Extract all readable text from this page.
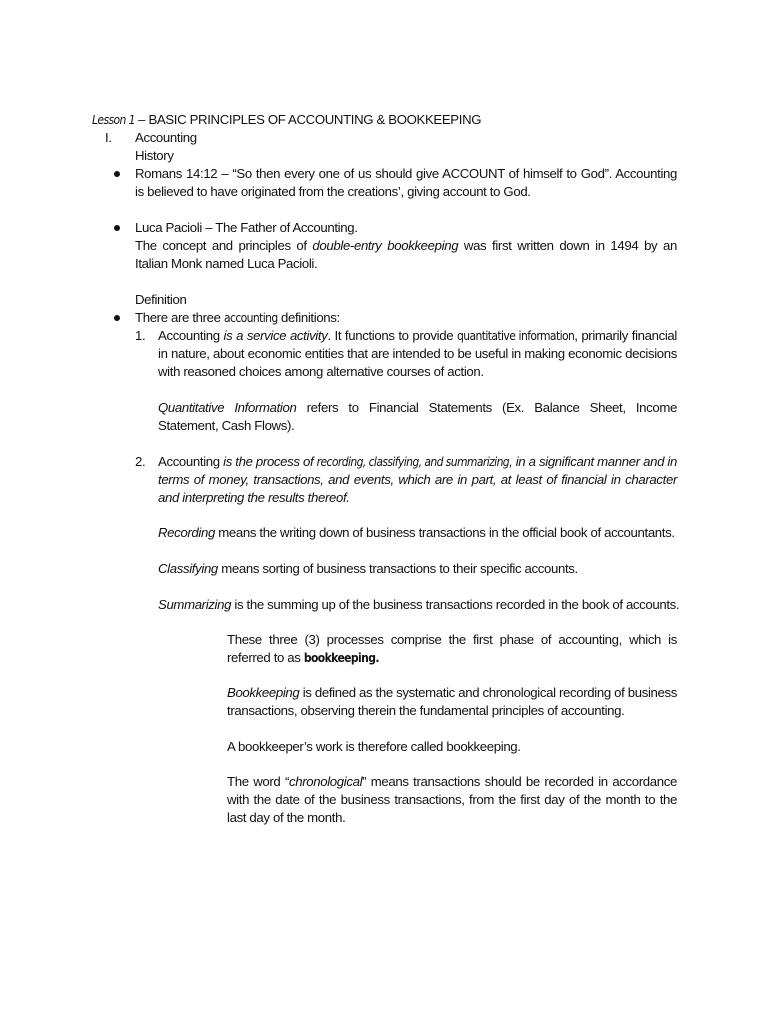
Lesson 1 – BASIC PRINCIPLES OF ACCOUNTING & BOOKKEEPING

I. Accounting

History

Romans 14:12 – “So then every one of us should give ACCOUNT of himself to God”. Accounting is believed to have originated from the creations’, giving account to God.

Luca Pacioli – The Father of Accounting.

The concept and principles of double-entry bookkeeping was first written down in 1494 by an Italian Monk named Luca Pacioli.

Definition

There are three accounting definitions:

1. Accounting is a service activity. It functions to provide quantitative information, primarily financial in nature, about economic entities that are intended to be useful in making economic decisions with reasoned choices among alternative courses of action.

Quantitative Information refers to Financial Statements (Ex. Balance Sheet, Income Statement, Cash Flows).

2. Accounting is the process of recording, classifying, and summarizing, in a significant manner and in terms of money, transactions, and events, which are in part, at least of financial in character and interpreting the results thereof.

Recording means the writing down of business transactions in the official book of accountants.

Classifying means sorting of business transactions to their specific accounts.

Summarizing is the summing up of the business transactions recorded in the book of accounts.

These three (3) processes comprise the first phase of accounting, which is referred to as bookkeeping.

Bookkeeping is defined as the systematic and chronological recording of business transactions, observing therein the fundamental principles of accounting.

A bookkeeper’s work is therefore called bookkeeping.

The word “chronological” means transactions should be recorded in accordance with the date of the business transactions, from the first day of the month to the last day of the month.
